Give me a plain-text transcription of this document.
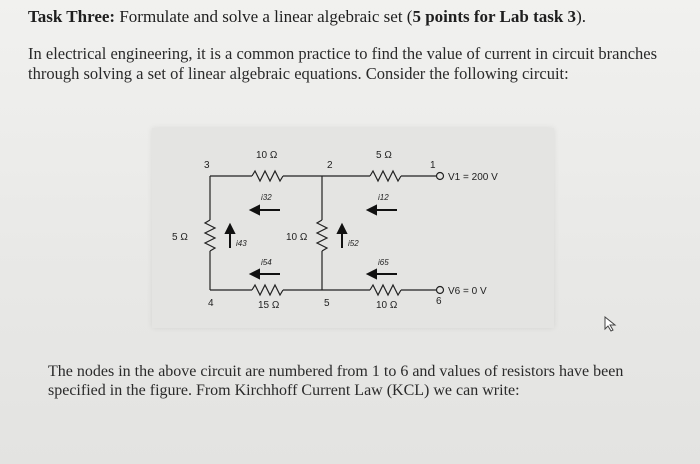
Task Three: Formulate and solve a linear algebraic set (5 points for Lab task 3).
In electrical engineering, it is a common practice to find the value of current in circuit branches through solving a set of linear algebraic equations. Consider the following circuit:
3	2	1
4	5	6
10 Ω	5 Ω
5 Ω	10 Ω
15 Ω	10 Ω
i32	i12
i43	i52
i54	i65
V1 = 200 V
V6 = 0 V
The nodes in the above circuit are numbered from 1 to 6 and values of resistors have been specified in the figure. From Kirchhoff Current Law (KCL) we can write:
